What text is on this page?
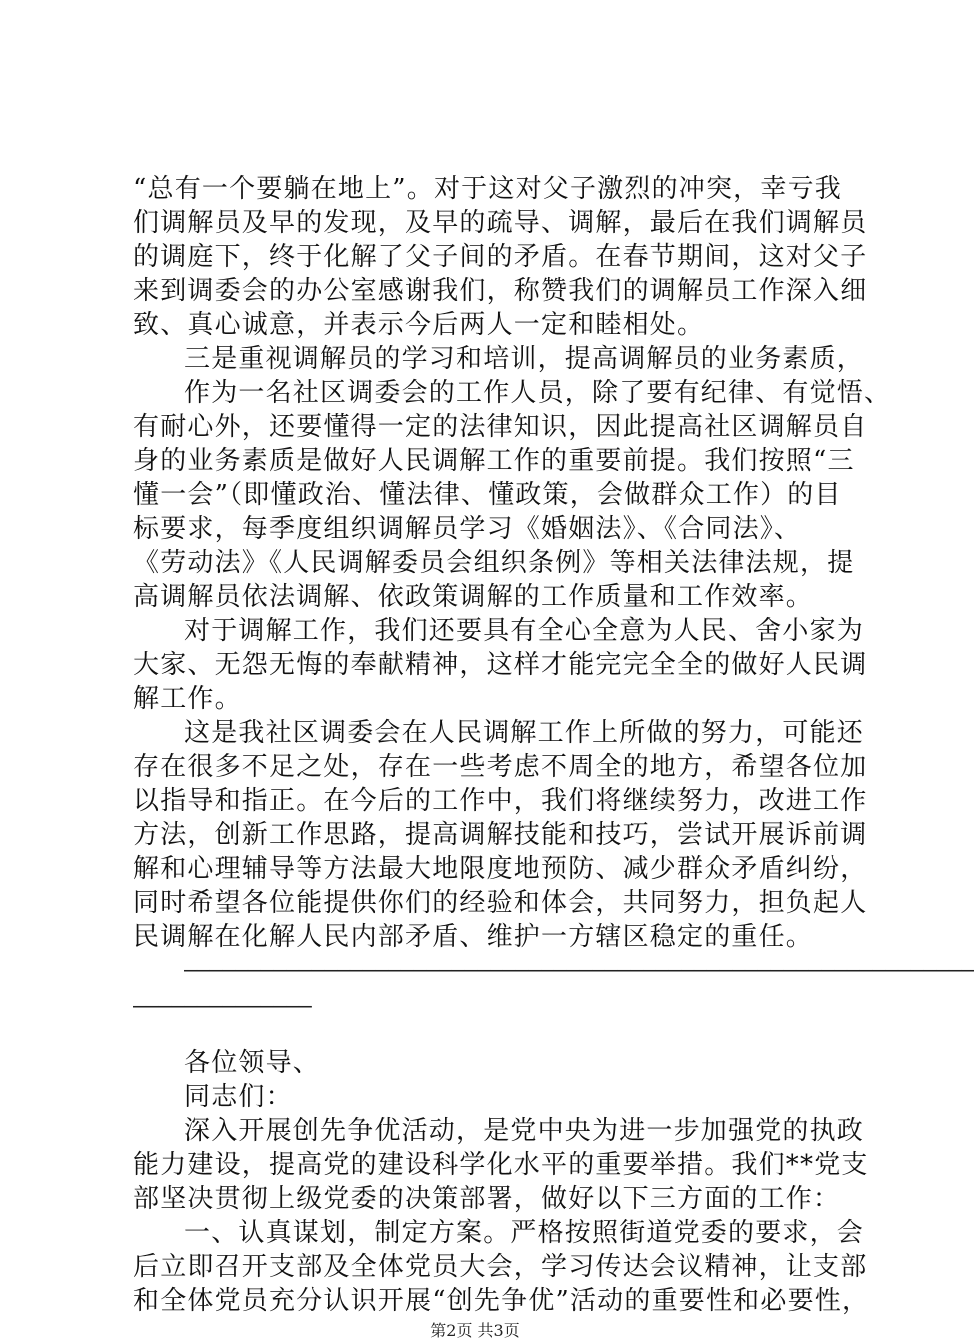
“总有一个要躺在地上”。对于这对父子激烈的冲突，幸亏我
们调解员及早的发现，及早的疏导、调解，最后在我们调解员
的调庭下，终于化解了父子间的矛盾。在春节期间，这对父子
来到调委会的办公室感谢我们，称赞我们的调解员工作深入细
致、真心诚意，并表示今后两人一定和睦相处。
三是重视调解员的学习和培训，提高调解员的业务素质，
作为一名社区调委会的工作人员，除了要有纪律、有觉悟、
有耐心外，还要懂得一定的法律知识，因此提高社区调解员自
身的业务素质是做好人民调解工作的重要前提。我们按照“三
懂一会”（即懂政治、懂法律、懂政策，会做群众工作）的目
标要求，每季度组织调解员学习《婚姻法》、《合同法》、
《劳动法》《人民调解委员会组织条例》等相关法律法规，提
高调解员依法调解、依政策调解的工作质量和工作效率。
对于调解工作，我们还要具有全心全意为人民、舍小家为
大家、无怨无悔的奉献精神，这样才能完完全全的做好人民调
解工作。
这是我社区调委会在人民调解工作上所做的努力，可能还
存在很多不足之处，存在一些考虑不周全的地方，希望各位加
以指导和指正。在今后的工作中，我们将继续努力，改进工作
方法，创新工作思路，提高调解技能和技巧，尝试开展诉前调
解和心理辅导等方法最大地限度地预防、减少群众矛盾纠纷，
同时希望各位能提供你们的经验和体会，共同努力，担负起人
民调解在化解人民内部矛盾、维护一方辖区稳定的重任。
——————————————————————————————————————————————————————————————
——————————————
各位领导、
同志们：
深入开展创先争优活动，是党中央为进一步加强党的执政
能力建设，提高党的建设科学化水平的重要举措。我们**党支
部坚决贯彻上级党委的决策部署，做好以下三方面的工作：
一、认真谋划，制定方案。严格按照街道党委的要求，会
后立即召开支部及全体党员大会，学习传达会议精神，让支部
和全体党员充分认识开展“创先争优”活动的重要性和必要性，
第2页 共3页
